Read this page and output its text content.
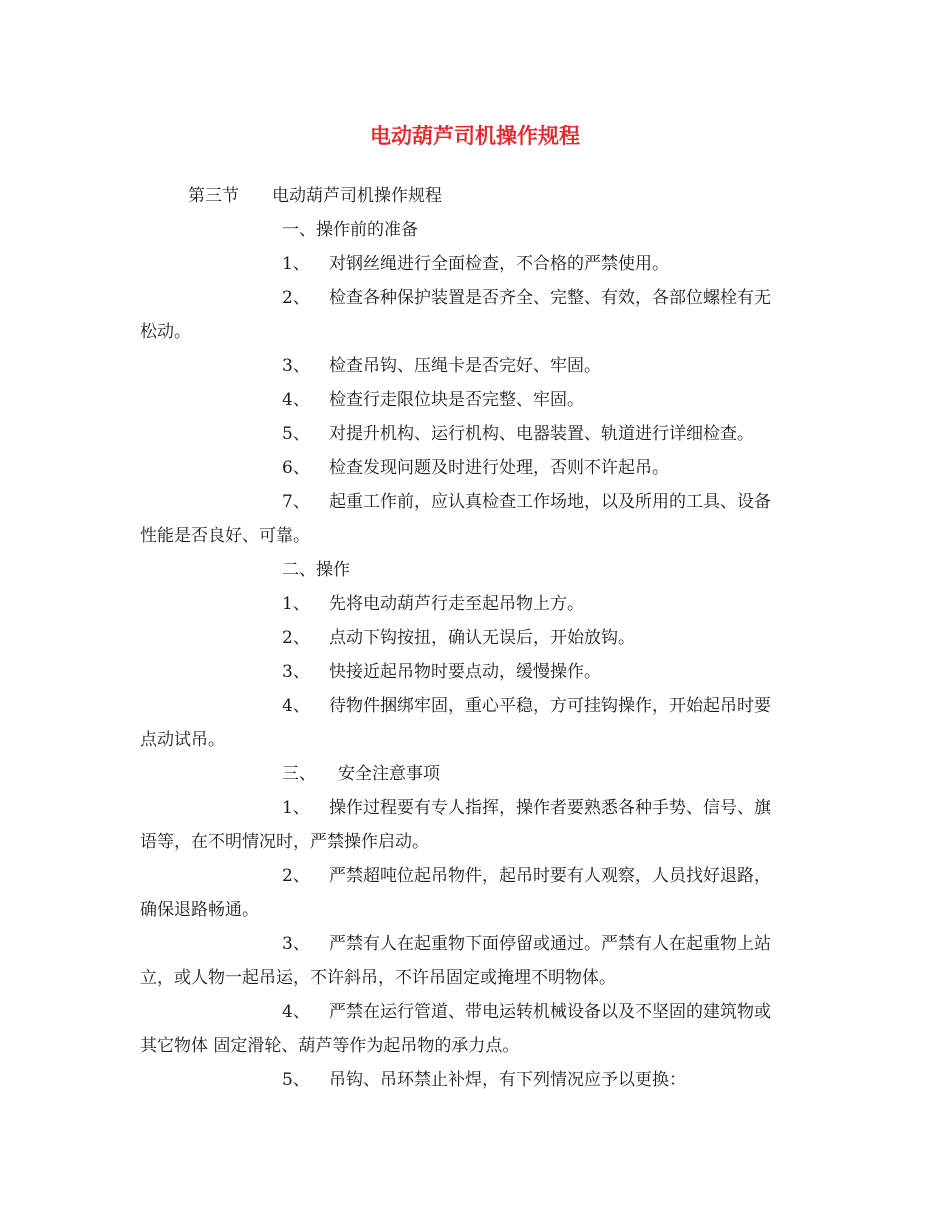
电动葫芦司机操作规程
第三节 电动葫芦司机操作规程
一、操作前的准备
1、 对钢丝绳进行全面检查，不合格的严禁使用。
2、 检查各种保护装置是否齐全、完整、有效，各部位螺栓有无
松动。
3、 检查吊钩、压绳卡是否完好、牢固。
4、 检查行走限位块是否完整、牢固。
5、 对提升机构、运行机构、电器装置、轨道进行详细检查。
6、 检查发现问题及时进行处理，否则不许起吊。
7、 起重工作前，应认真检查工作场地，以及所用的工具、设备
性能是否良好、可靠。
二、操作
1、 先将电动葫芦行走至起吊物上方。
2、 点动下钩按扭，确认无误后，开始放钩。
3、 快接近起吊物时要点动，缓慢操作。
4、 待物件捆绑牢固，重心平稳，方可挂钩操作，开始起吊时要
点动试吊。
三、 安全注意事项
1、 操作过程要有专人指挥，操作者要熟悉各种手势、信号、旗
语等，在不明情况时，严禁操作启动。
2、 严禁超吨位起吊物件，起吊时要有人观察，人员找好退路，
确保退路畅通。
3、 严禁有人在起重物下面停留或通过。严禁有人在起重物上站
立，或人物一起吊运，不许斜吊，不许吊固定或掩埋不明物体。
4、 严禁在运行管道、带电运转机械设备以及不坚固的建筑物或
其它物体 固定滑轮、葫芦等作为起吊物的承力点。
5、 吊钩、吊环禁止补焊，有下列情况应予以更换：
